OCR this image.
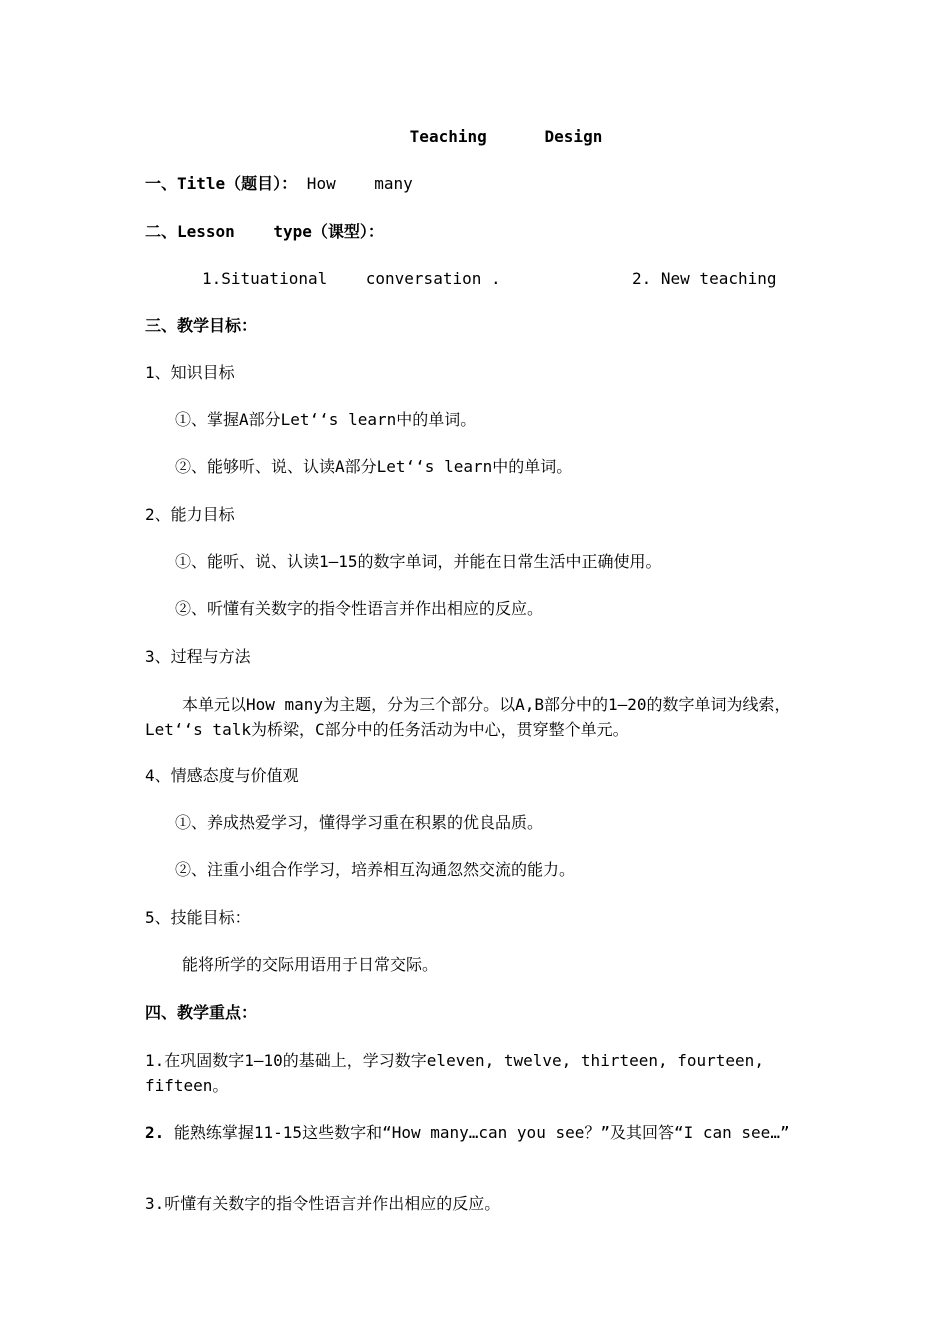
Teaching      Design
一、Title（题目）： How    many
二、Lesson    type（课型）：
1.Situational    conversation .	2. New teaching
三、教学目标：
1、知识目标
①、掌握A部分Let‘‘s learn中的单词。
②、能够听、说、认读A部分Let‘‘s learn中的单词。
2、能力目标
①、能听、说、认读1—15的数字单词，并能在日常生活中正确使用。
②、听懂有关数字的指令性语言并作出相应的反应。
3、过程与方法
本单元以How many为主题，分为三个部分。以A,B部分中的1—20的数字单词为线索，Let‘‘s talk为桥梁，C部分中的任务活动为中心，贯穿整个单元。
4、情感态度与价值观
①、养成热爱学习，懂得学习重在积累的优良品质。
②、注重小组合作学习，培养相互沟通忽然交流的能力。
5、技能目标：
能将所学的交际用语用于日常交际。
四、教学重点：
1.在巩固数字1—10的基础上，学习数字eleven, twelve, thirteen, fourteen, fifteen。
2. 能熟练掌握11-15这些数字和“How many…can you see？”及其回答“I can see…”
3.听懂有关数字的指令性语言并作出相应的反应。
